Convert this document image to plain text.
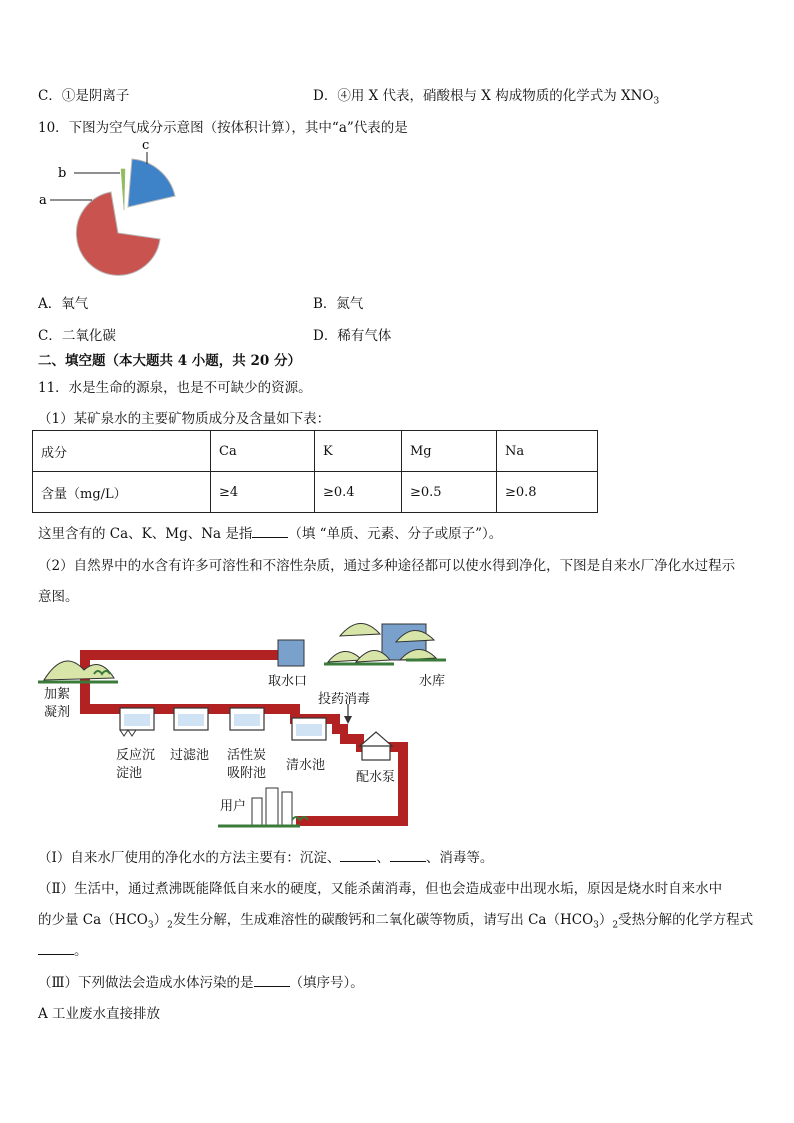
C．①是阴离子	D．④用 X 代表，硝酸根与 X 构成物质的化学式为 $XNO_3$
10．下图为空气成分示意图（按体积计算），其中“a”代表的是
a
b
c
A．氧气	B．氮气
C．二氧化碳	D．稀有气体
二、填空题（本大题共 4 小题，共 20 分）
11．水是生命的源泉，也是不可缺少的资源。
（1）某矿泉水的主要矿物质成分及含量如下表：
成分	Ca	K	Mg	Na
含量（mg/L）	≥4	≥0.4	≥0.5	≥0.8
这里含有的 Ca、K、Mg、Na 是指	（填 “单质、元素、分子或原子”）。
（2）自然界中的水含有许多可溶性和不溶性杂质，通过多种途径都可以使水得到净化，下图是自来水厂净化水过程示
意图。
取水口	水库
加絮
凝剂
投药消毒
反应沉
淀池
过滤池 活性炭
吸附池
清水池
配水泵
用户
（Ⅰ）自来水厂使用的净化水的方法主要有：沉淀、	、	、消毒等。
（Ⅱ）生活中，通过煮沸既能降低自来水的硬度，又能杀菌消毒，但也会造成壶中出现水垢，原因是烧水时自来水中
的少量 $Ca(HCO_3)_2$发生分解，生成难溶性的碳酸钙和二氧化碳等物质，请写出 $Ca(HCO_3)_2$受热分解的化学方程式
。
（Ⅲ）下列做法会造成水体污染的是	（填序号）。
A 工业废水直接排放
